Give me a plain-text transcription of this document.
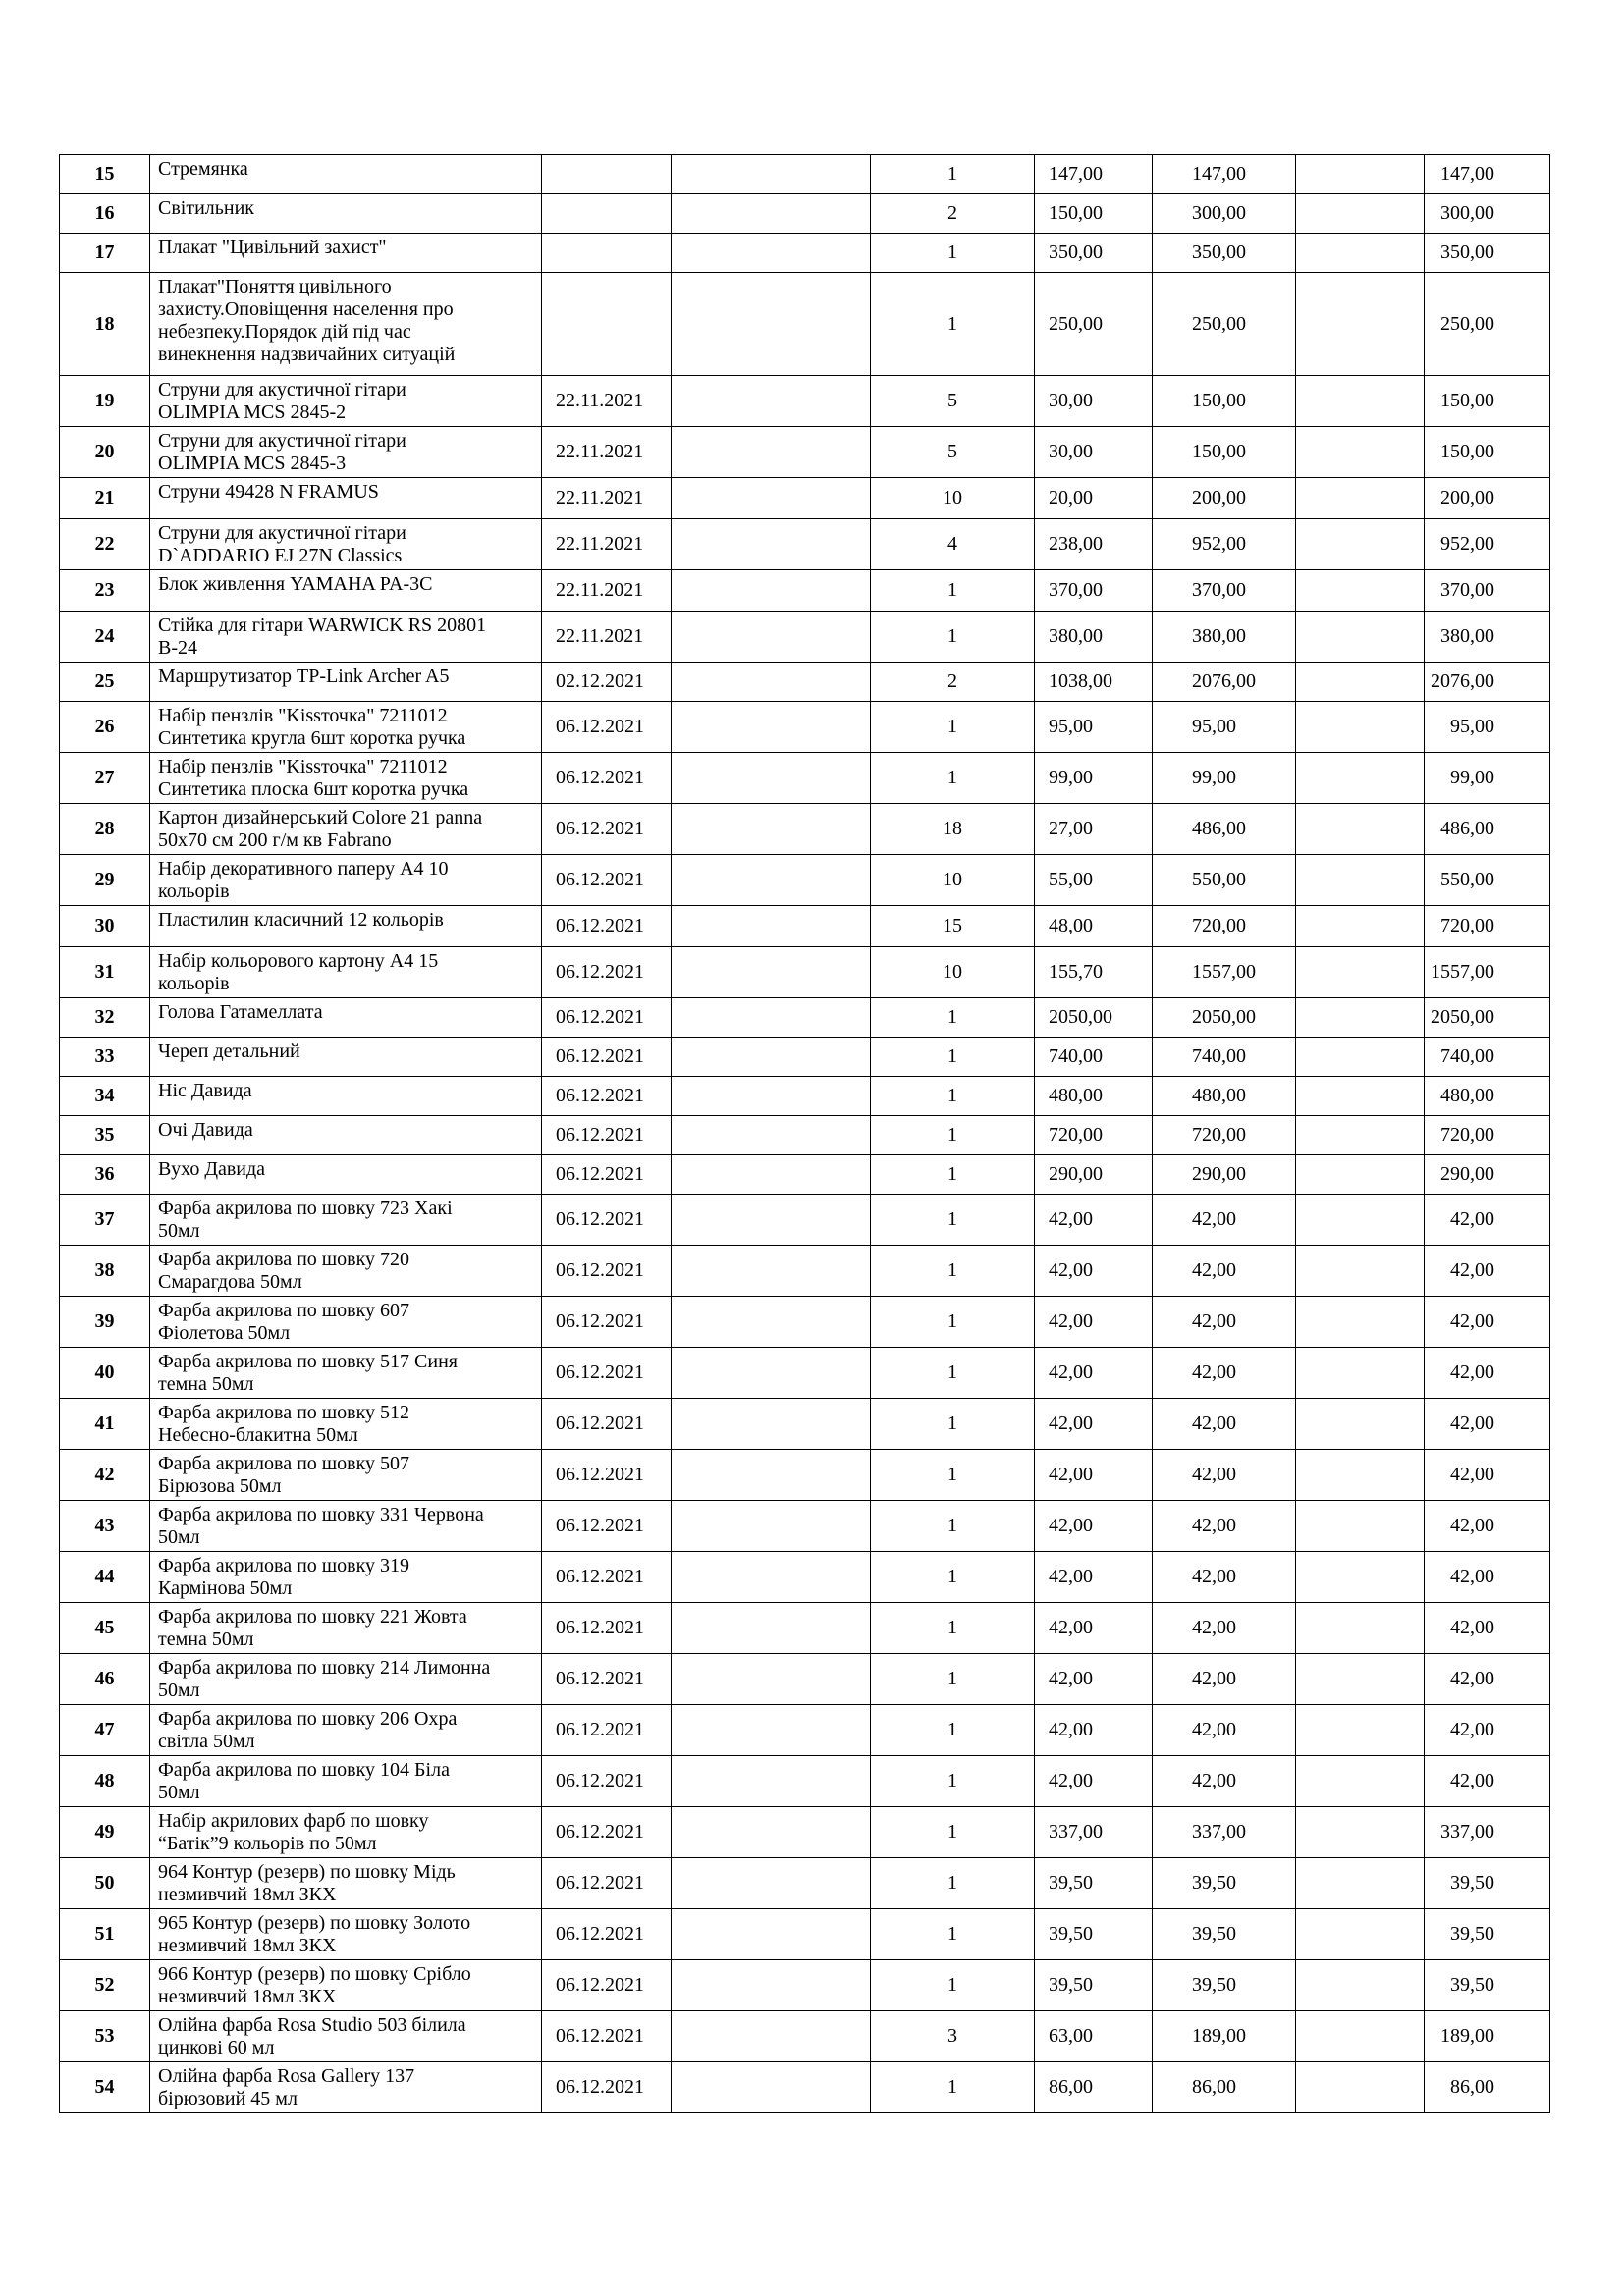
15	Стремянка			1	147,00	147,00		147,00
16	Світильник			2	150,00	300,00		300,00
17	Плакат "Цивільний захист"			1	350,00	350,00		350,00
18	Плакат"Поняття цивільного
захисту.Оповіщення населення про
небезпеку.Порядок дій під час
винекнення надзвичайних ситуацій			1	250,00	250,00		250,00
19	Струни для акустичної гітари
OLIMPIA MCS 2845-2	22.11.2021		5	30,00	150,00		150,00
20	Струни для акустичної гітари
OLIMPIA MCS 2845-3	22.11.2021		5	30,00	150,00		150,00
21	Струни 49428 N FRAMUS	22.11.2021		10	20,00	200,00		200,00
22	Струни для акустичної гітари
D`ADDARIO EJ 27N Classics	22.11.2021		4	238,00	952,00		952,00
23	Блок живлення YAMAHA PA-3C	22.11.2021		1	370,00	370,00		370,00
24	Стійка для гітари WARWICK RS 20801
B-24	22.11.2021		1	380,00	380,00		380,00
25	Маршрутизатор TP-Link Archer A5	02.12.2021		2	1038,00	2076,00		2076,00
26	Набір пензлів "Kissточка" 7211012
Синтетика кругла 6шт коротка ручка	06.12.2021		1	95,00	95,00		95,00
27	Набір пензлів "Kissточка" 7211012
Синтетика плоска 6шт коротка ручка	06.12.2021		1	99,00	99,00		99,00
28	Картон дизайнерський Colore 21 panna
50x70 см 200 г/м кв Fabrano	06.12.2021		18	27,00	486,00		486,00
29	Набір декоративного паперу А4 10
кольорів	06.12.2021		10	55,00	550,00		550,00
30	Пластилин класичний 12 кольорів	06.12.2021		15	48,00	720,00		720,00
31	Набір кольорового картону А4 15
кольорів	06.12.2021		10	155,70	1557,00		1557,00
32	Голова Гатамеллата	06.12.2021		1	2050,00	2050,00		2050,00
33	Череп детальний	06.12.2021		1	740,00	740,00		740,00
34	Ніс Давида	06.12.2021		1	480,00	480,00		480,00
35	Очі Давида	06.12.2021		1	720,00	720,00		720,00
36	Вухо Давида	06.12.2021		1	290,00	290,00		290,00
37	Фарба акрилова по шовку 723 Хакі
50мл	06.12.2021		1	42,00	42,00		42,00
38	Фарба акрилова по шовку 720
Смарагдова 50мл	06.12.2021		1	42,00	42,00		42,00
39	Фарба акрилова по шовку 607
Фіолетова 50мл	06.12.2021		1	42,00	42,00		42,00
40	Фарба акрилова по шовку 517 Синя
темна 50мл	06.12.2021		1	42,00	42,00		42,00
41	Фарба акрилова по шовку 512
Небесно-блакитна 50мл	06.12.2021		1	42,00	42,00		42,00
42	Фарба акрилова по шовку 507
Бірюзова 50мл	06.12.2021		1	42,00	42,00		42,00
43	Фарба акрилова по шовку 331 Червона
50мл	06.12.2021		1	42,00	42,00		42,00
44	Фарба акрилова по шовку 319
Кармінова 50мл	06.12.2021		1	42,00	42,00		42,00
45	Фарба акрилова по шовку 221 Жовта
темна 50мл	06.12.2021		1	42,00	42,00		42,00
46	Фарба акрилова по шовку 214 Лимонна
50мл	06.12.2021		1	42,00	42,00		42,00
47	Фарба акрилова по шовку 206 Охра
світла 50мл	06.12.2021		1	42,00	42,00		42,00
48	Фарба акрилова по шовку 104 Біла
50мл	06.12.2021		1	42,00	42,00		42,00
49	Набір акрилових фарб по шовку
“Батік”9 кольорів по 50мл	06.12.2021		1	337,00	337,00		337,00
50	964 Контур (резерв) по шовку Мідь
незмивчий 18мл ЗКХ	06.12.2021		1	39,50	39,50		39,50
51	965 Контур (резерв) по шовку Золото
незмивчий 18мл ЗКХ	06.12.2021		1	39,50	39,50		39,50
52	966 Контур (резерв) по шовку Срібло
незмивчий 18мл ЗКХ	06.12.2021		1	39,50	39,50		39,50
53	Олійна фарба Rosa Studio 503 білила
цинкові 60 мл	06.12.2021		3	63,00	189,00		189,00
54	Олійна фарба Rosa Gallery 137
бірюзовий 45 мл	06.12.2021		1	86,00	86,00		86,00
